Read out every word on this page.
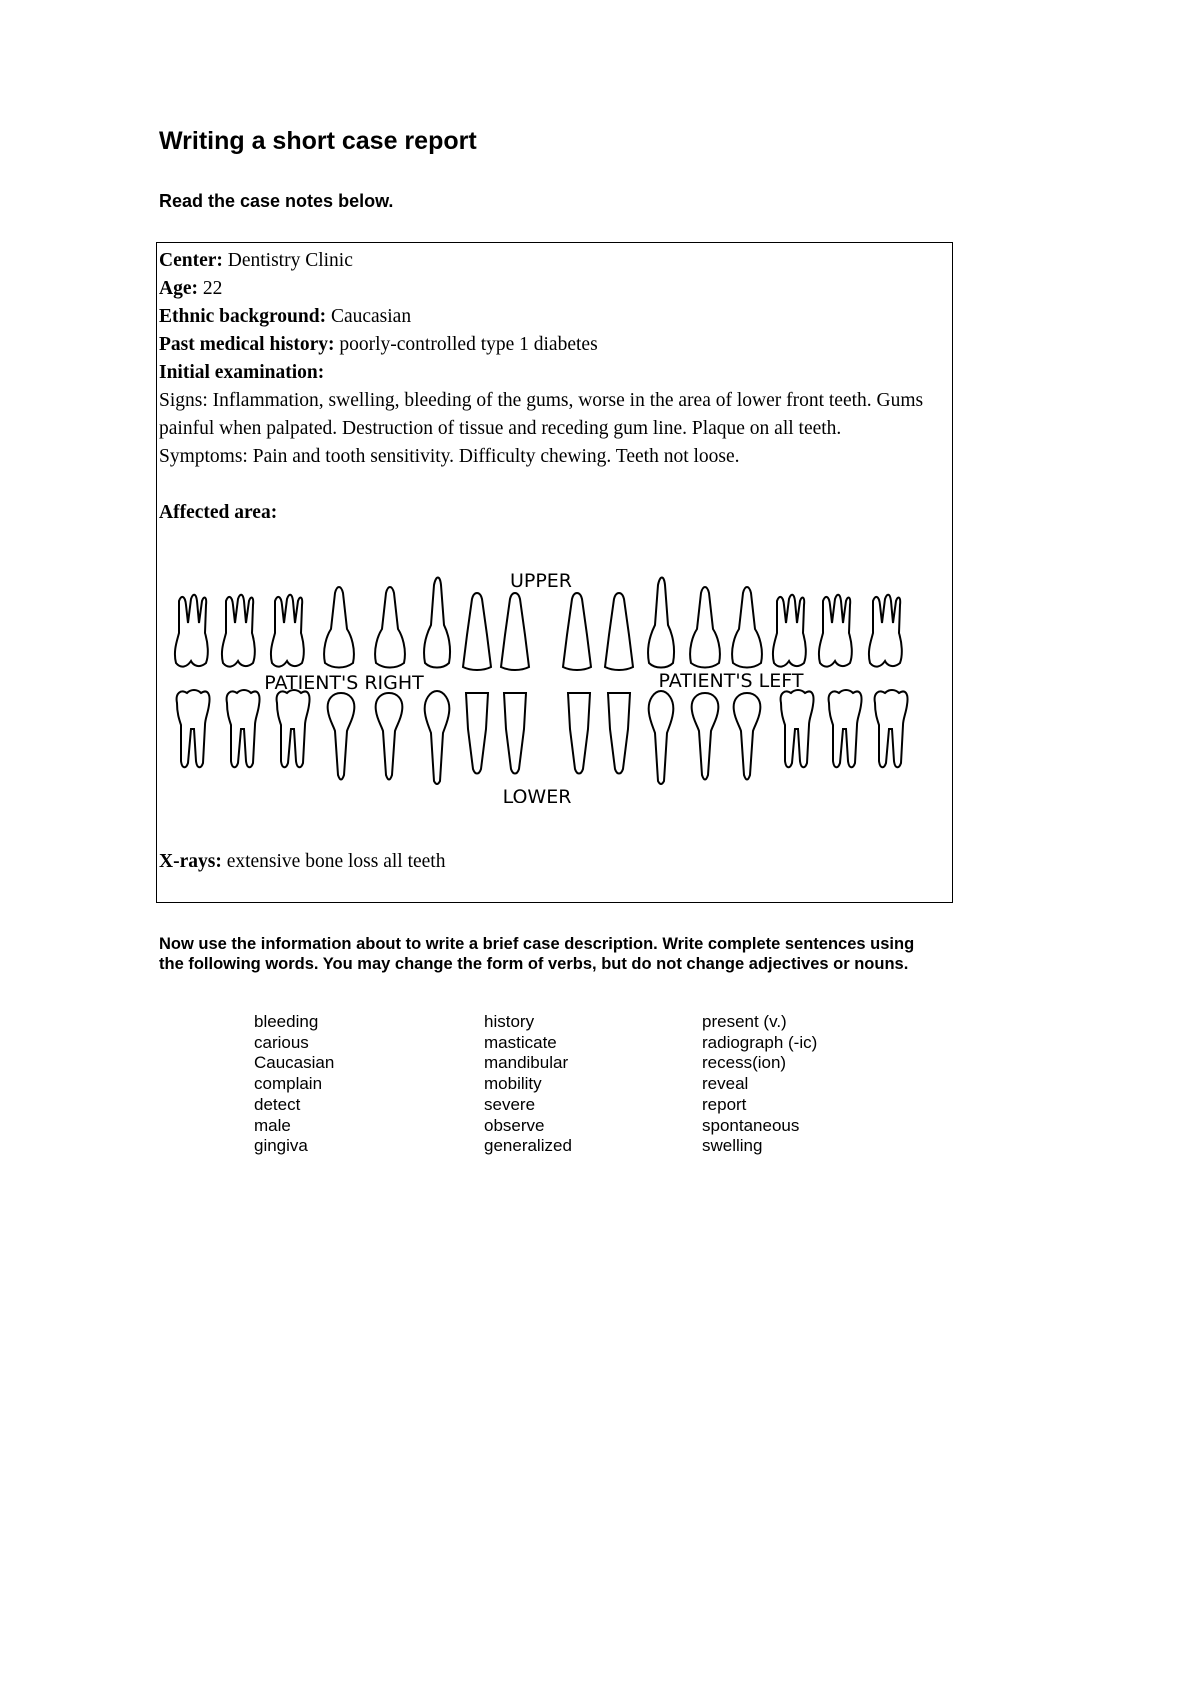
Writing a short case report

Read the case notes below.

Center: Dentistry Clinic
Age: 22
Ethnic background: Caucasian
Past medical history: poorly-controlled type 1 diabetes
Initial examination:
Signs: Inflammation, swelling, bleeding of the gums, worse in the area of lower front teeth. Gums painful when palpated. Destruction of tissue and receding gum line. Plaque on all teeth.
Symptoms: Pain and tooth sensitivity. Difficulty chewing. Teeth not loose.
Affected area:
UPPER
PATIENT'S RIGHT	PATIENT'S LEFT
LOWER
X-rays: extensive bone loss all teeth

Now use the information about to write a brief case description. Write complete sentences using the following words. You may change the form of verbs, but do not change adjectives or nouns.

bleeding
carious
Caucasian
complain
detect
male
gingiva
history
masticate
mandibular
mobility
severe
observe
generalized
present (v.)
radiograph (-ic)
recess(ion)
reveal
report
spontaneous
swelling
